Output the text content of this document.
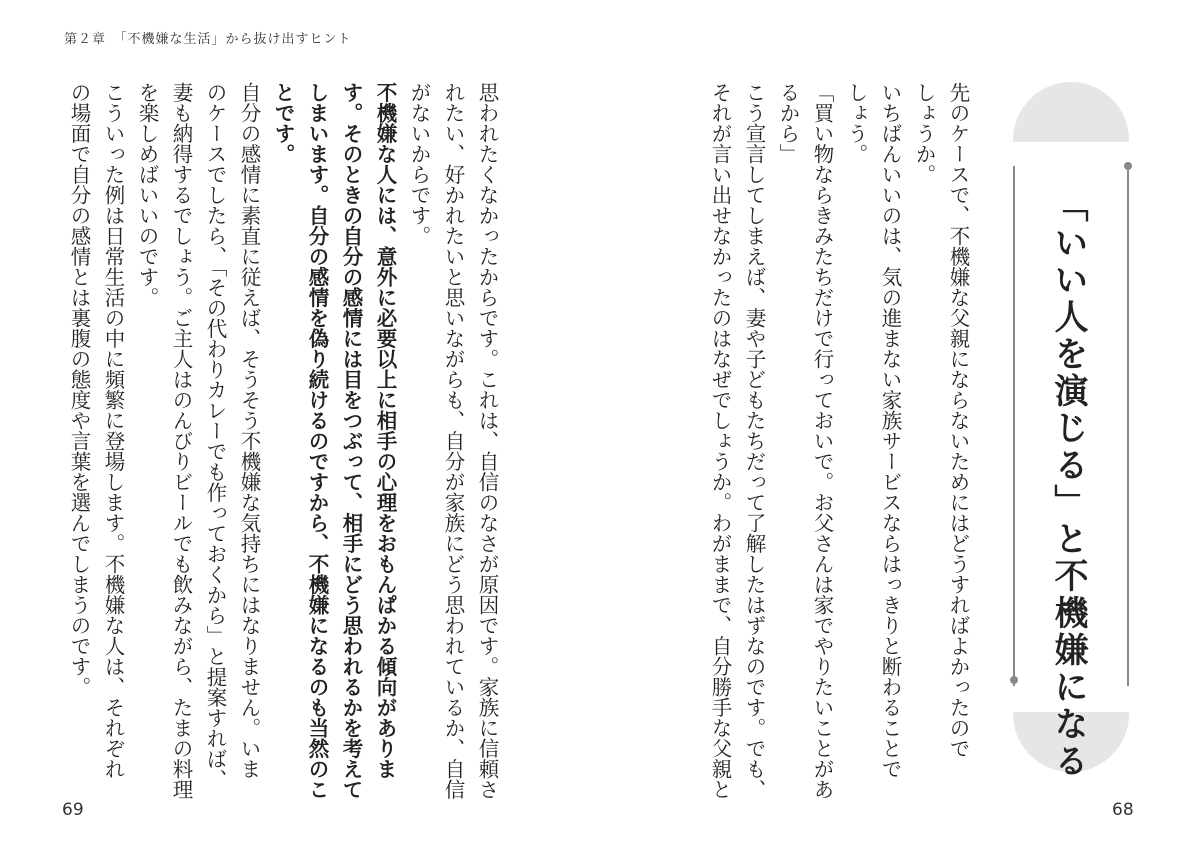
第２章　「不機嫌な生活」から抜け出すヒント
「いい人を演じる」と不機嫌になる

先のケースで、不機嫌な父親にならないためにはどうすればよかったので

しょうか。

いちばんいいのは、気の進まない家族サービスならはっきりと断わることで

しょう。

「買い物ならきみたちだけで行っておいで。お父さんは家でやりたいことがあ

るから」

こう宣言してしまえば、妻や子どもたちだって了解したはずなのです。でも、

それが言い出せなかったのはなぜでしょうか。わがままで、自分勝手な父親と

68

思われたくなかったからです。これは、自信のなさが原因です。家族に信頼さ

れたい、好かれたいと思いながらも、自分が家族にどう思われているか、自信

がないからです。

不機嫌な人には、意外に必要以上に相手の心理をおもんぱかる傾向がありま

す。そのときの自分の感情には目をつぶって、相手にどう思われるかを考えて

しまいます。自分の感情を偽り続けるのですから、不機嫌になるのも当然のこ

とです。

自分の感情に素直に従えば、そうそう不機嫌な気持ちにはなりません。いま

のケースでしたら、「その代わりカレーでも作っておくから」と提案すれば、

妻も納得するでしょう。ご主人はのんびりビールでも飲みながら、たまの料理

を楽しめばいいのです。

こういった例は日常生活の中に頻繁に登場します。不機嫌な人は、それぞれ

の場面で自分の感情とは裏腹の態度や言葉を選んでしまうのです。

69
